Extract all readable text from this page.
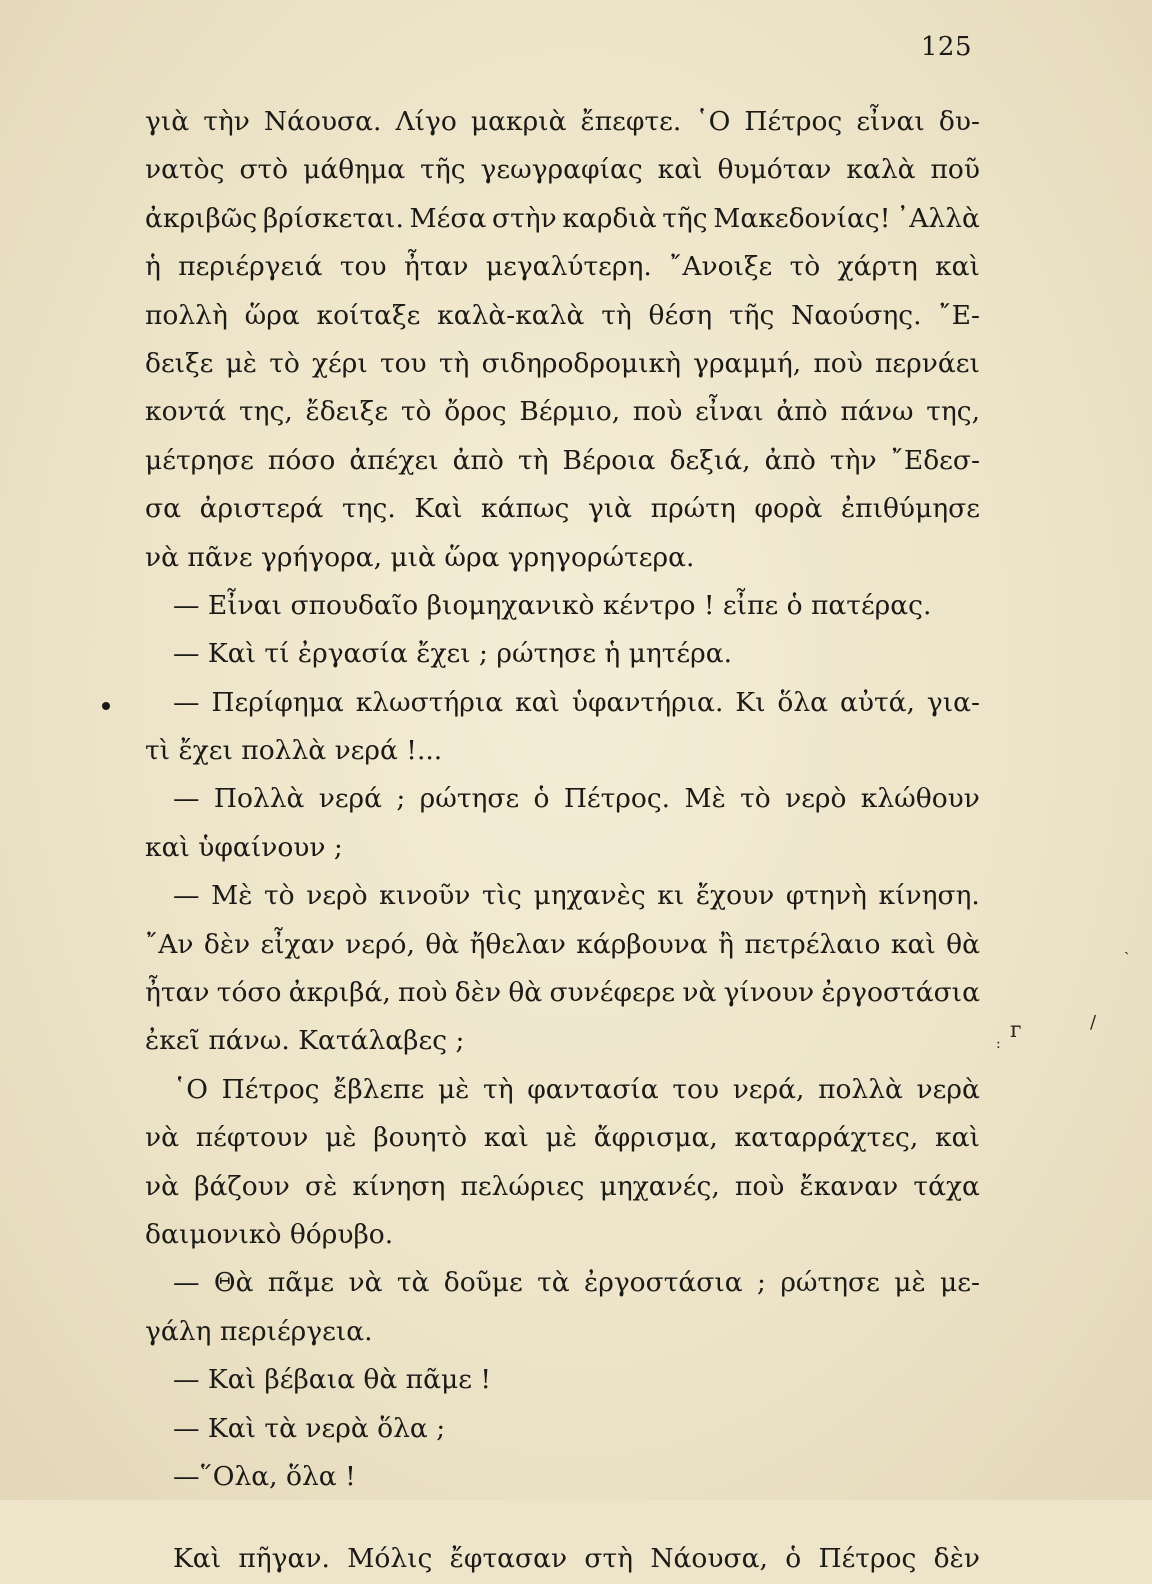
125
γιὰ τὴν Νάουσα. Λίγο μακριὰ ἔπεφτε. ῾Ο Πέτρος εἶναι δυ-
νατὸς στὸ μάθημα τῆς γεωγραφίας καὶ θυμόταν καλὰ ποῦ
ἀκριβῶς βρίσκεται. Μέσα στὴν καρδιὰ τῆς Μακεδονίας! ᾿Αλλὰ
ἡ περιέργειά του ἦταν μεγαλύτερη. ῎Ανοιξε τὸ χάρτη καὶ
πολλὴ ὥρα κοίταξε καλὰ-καλὰ τὴ θέση τῆς Ναούσης. ῎Ε-
δειξε μὲ τὸ χέρι του τὴ σιδηροδρομικὴ γραμμή, ποὺ περνάει
κοντά της, ἔδειξε τὸ ὄρος Βέρμιο, ποὺ εἶναι ἀπὸ πάνω της,
μέτρησε πόσο ἀπέχει ἀπὸ τὴ Βέροια δεξιά, ἀπὸ τὴν ῎Εδεσ-
σα ἀριστερά της. Καὶ κάπως γιὰ πρώτη φορὰ ἐπιθύμησε
νὰ πᾶνε γρήγορα, μιὰ ὥρα γρηγορώτερα.
— Εἶναι σπουδαῖο βιομηχανικὸ κέντρο ! εἶπε ὁ πατέρας.
— Καὶ τί ἐργασία ἔχει ; ρώτησε ἡ μητέρα.
— Περίφημα κλωστήρια καὶ ὑφαντήρια. Κι ὅλα αὐτά, για-
τὶ ἔχει πολλὰ νερά !...
— Πολλὰ νερά ; ρώτησε ὁ Πέτρος. Μὲ τὸ νερὸ κλώθουν
καὶ ὑφαίνουν ;
— Μὲ τὸ νερὸ κινοῦν τὶς μηχανὲς κι ἔχουν φτηνὴ κίνηση.
῎Αν δὲν εἶχαν νερό, θὰ ἤθελαν κάρβουνα ἢ πετρέλαιο καὶ θὰ
ἦταν τόσο ἀκριβά, ποὺ δὲν θὰ συνέφερε νὰ γίνουν ἐργοστάσια
ἐκεῖ πάνω. Κατάλαβες ;
῾Ο Πέτρος ἔβλεπε μὲ τὴ φαντασία του νερά, πολλὰ νερὰ
νὰ πέφτουν μὲ βουητὸ καὶ μὲ ἄφρισμα, καταρράχτες, καὶ
νὰ βάζουν σὲ κίνηση πελώριες μηχανές, ποὺ ἔκαναν τάχα
δαιμονικὸ θόρυβο.
— Θὰ πᾶμε νὰ τὰ δοῦμε τὰ ἐργοστάσια ; ρώτησε μὲ με-
γάλη περιέργεια.
— Καὶ βέβαια θὰ πᾶμε !
— Καὶ τὰ νερὰ ὅλα ;
—῞Ολα, ὅλα !
Καὶ πῆγαν. Μόλις ἔφτασαν στὴ Νάουσα, ὁ Πέτρος δὲν
ᴦ	/
ˎ
:
